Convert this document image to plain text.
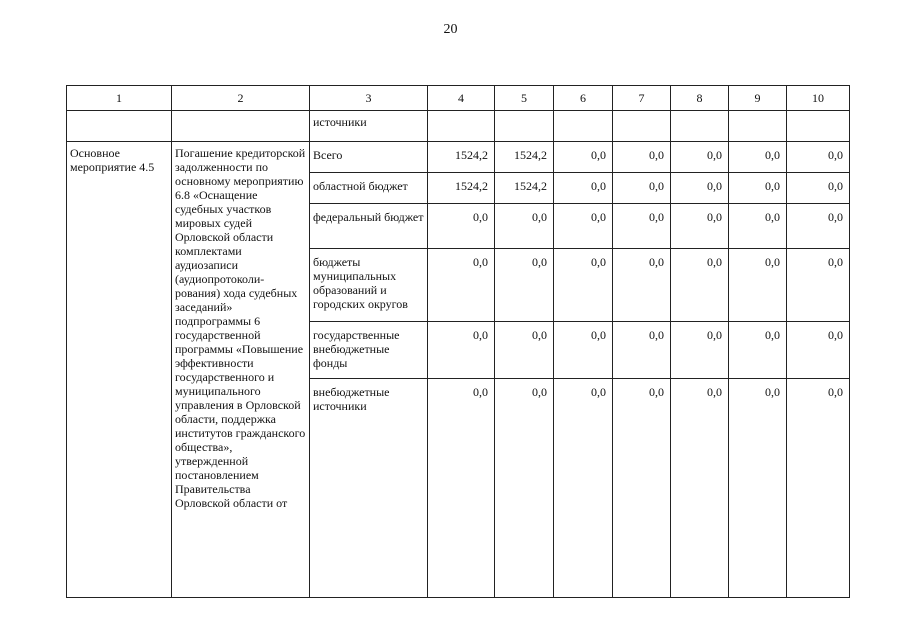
20
1	2	3	4	5	6	7	8	9	10
		источники							
Основное мероприятие 4.5	Погашение кредиторской задолженности по основному мероприятию 6.8 «Оснащение судебных участков мировых судей Орловской области комплектами аудиозаписи (аудиопротоколи-рования) хода судебных заседаний» подпрограммы 6 государственной программы «Повышение эффективности государственного и муниципального управления в Орловской области, поддержка институтов гражданского общества», утвержденной постановлением Правительства Орловской области от	Всего	1524,2	1524,2	0,0	0,0	0,0	0,0	0,0
		областной бюджет	1524,2	1524,2	0,0	0,0	0,0	0,0	0,0
		федеральный бюджет	0,0	0,0	0,0	0,0	0,0	0,0	0,0
		бюджеты муниципальных образований и городских округов	0,0	0,0	0,0	0,0	0,0	0,0	0,0
		государственные внебюджетные фонды	0,0	0,0	0,0	0,0	0,0	0,0	0,0
		внебюджетные источники	0,0	0,0	0,0	0,0	0,0	0,0	0,0
